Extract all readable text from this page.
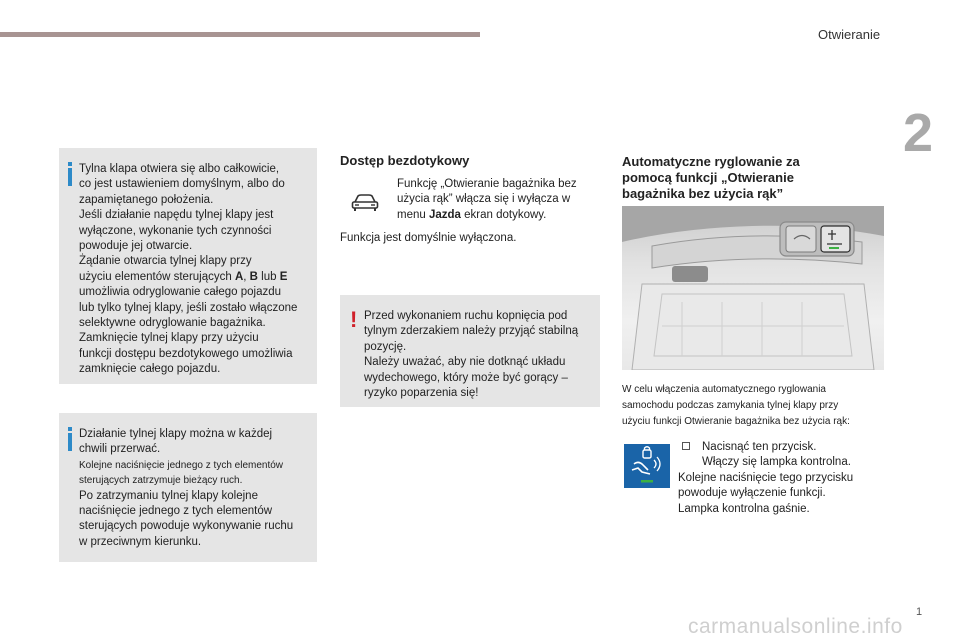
Otwieranie
2

Tylna klapa otwiera się albo całkowicie,

co jest ustawieniem domyślnym, albo do

zapamiętanego położenia.

Jeśli działanie napędu tylnej klapy jest

wyłączone, wykonanie tych czynności

powoduje jej otwarcie.

Żądanie otwarcia tylnej klapy przy

użyciu elementów sterujących A, B lub E

umożliwia odryglowanie całego pojazdu

lub tylko tylnej klapy, jeśli zostało włączone

selektywne odryglowanie bagażnika.

Zamknięcie tylnej klapy przy użyciu

funkcji dostępu bezdotykowego umożliwia

zamknięcie całego pojazdu.

Działanie tylnej klapy można w każdej

chwili przerwać.

Kolejne naciśnięcie jednego z tych elementów

sterujących zatrzymuje bieżący ruch.

Po zatrzymaniu tylnej klapy kolejne

naciśnięcie jednego z tych elementów

sterujących powoduje wykonywanie ruchu

w przeciwnym kierunku.

Dostęp bezdotykowy

Funkcję „Otwieranie bagażnika bez

użycia rąk” włącza się i wyłącza w

menu Jazda ekran dotykowy.

Funkcja jest domyślnie wyłączona.
! Przed wykonaniem ruchu kopnięcia pod

tylnym zderzakiem należy przyjąć stabilną

pozycję.

Należy uważać, aby nie dotknąć układu

wydechowego, który może być gorący –

ryzyko poparzenia się!

Automatyczne ryglowanie za

pomocą funkcji „Otwieranie

bagażnika bez użycia rąk”

W celu włączenia automatycznego ryglowania

samochodu podczas zamykania tylnej klapy przy

użyciu funkcji Otwieranie bagażnika bez użycia rąk:

Nacisnąć ten przycisk.

Włączy się lampka kontrolna.

Kolejne naciśnięcie tego przycisku

powoduje wyłączenie funkcji.

Lampka kontrolna gaśnie.

1
carmanualsonline.info
